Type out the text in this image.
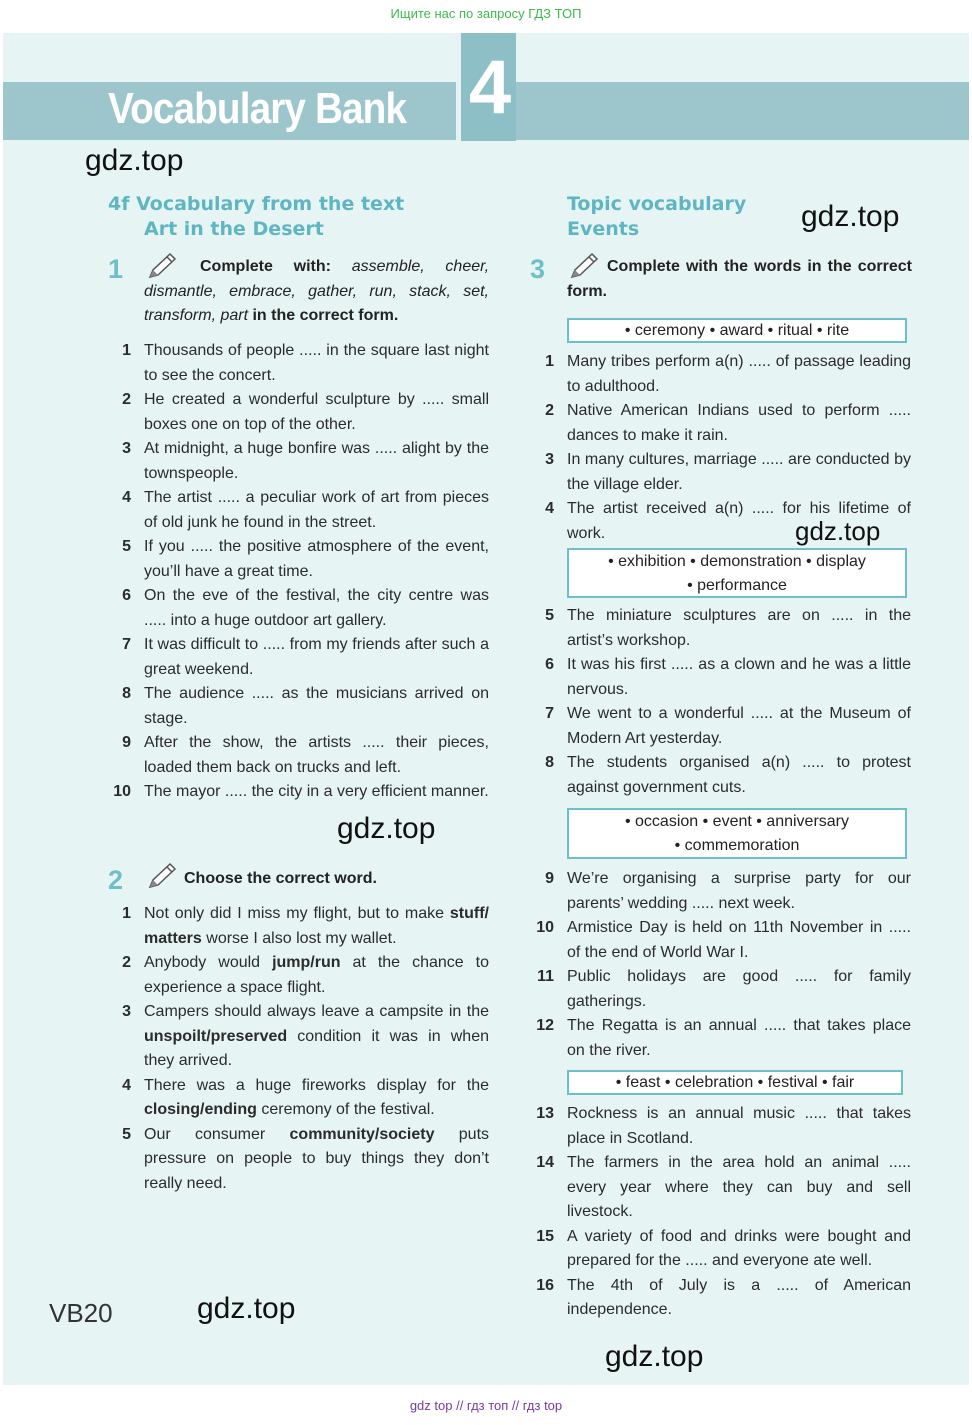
Ищите нас по запросу ГДЗ ТОП
Vocabulary Bank 4
gdz.top
gdz.top
gdz.top
gdz.top
gdz.top
gdz.top
4f Vocabulary from the text
Art in the Desert
1	Complete with: assemble, cheer, dismantle, embrace, gather, run, stack, set, transform, part in the correct form.
1 Thousands of people ..... in the square last night to see the concert.
2 He created a wonderful sculpture by ..... small boxes one on top of the other.
3 At midnight, a huge bonfire was ..... alight by the townspeople.
4 The artist ..... a peculiar work of art from pieces of old junk he found in the street.
5 If you ..... the positive atmosphere of the event, you’ll have a great time.
6 On the eve of the festival, the city centre was ..... into a huge outdoor art gallery.
7 It was difficult to ..... from my friends after such a great weekend.
8 The audience ..... as the musicians arrived on stage.
9 After the show, the artists ..... their pieces, loaded them back on trucks and left.
10 The mayor ..... the city in a very efficient manner.
2	Choose the correct word.
1 Not only did I miss my flight, but to make stuff/ matters worse I also lost my wallet.
2 Anybody would jump/run at the chance to experience a space flight.
3 Campers should always leave a campsite in the unspoilt/preserved condition it was in when they arrived.
4 There was a huge fireworks display for the closing/ending ceremony of the festival.
5 Our consumer community/society puts pressure on people to buy things they don’t really need.
Topic vocabulary
Events
3	Complete with the words in the correct form.
• ceremony • award • ritual • rite
1 Many tribes perform a(n) ..... of passage leading to adulthood.
2 Native American Indians used to perform ..... dances to make it rain.
3 In many cultures, marriage ..... are conducted by the village elder.
4 The artist received a(n) ..... for his lifetime of work.
• exhibition • demonstration • display
• performance
5 The miniature sculptures are on ..... in the artist’s workshop.
6 It was his first ..... as a clown and he was a little nervous.
7 We went to a wonderful ..... at the Museum of Modern Art yesterday.
8 The students organised a(n) ..... to protest against government cuts.
• occasion • event • anniversary
• commemoration
9 We’re organising a surprise party for our parents’ wedding ..... next week.
10 Armistice Day is held on 11th November in ..... of the end of World War I.
11 Public holidays are good ..... for family gatherings.
12 The Regatta is an annual ..... that takes place on the river.
• feast • celebration • festival • fair
13 Rockness is an annual music ..... that takes place in Scotland.
14 The farmers in the area hold an animal ..... every year where they can buy and sell livestock.
15 A variety of food and drinks were bought and prepared for the ..... and everyone ate well.
16 The 4th of July is a ..... of American independence.
VB20
gdz top // гдз топ // гдз top
